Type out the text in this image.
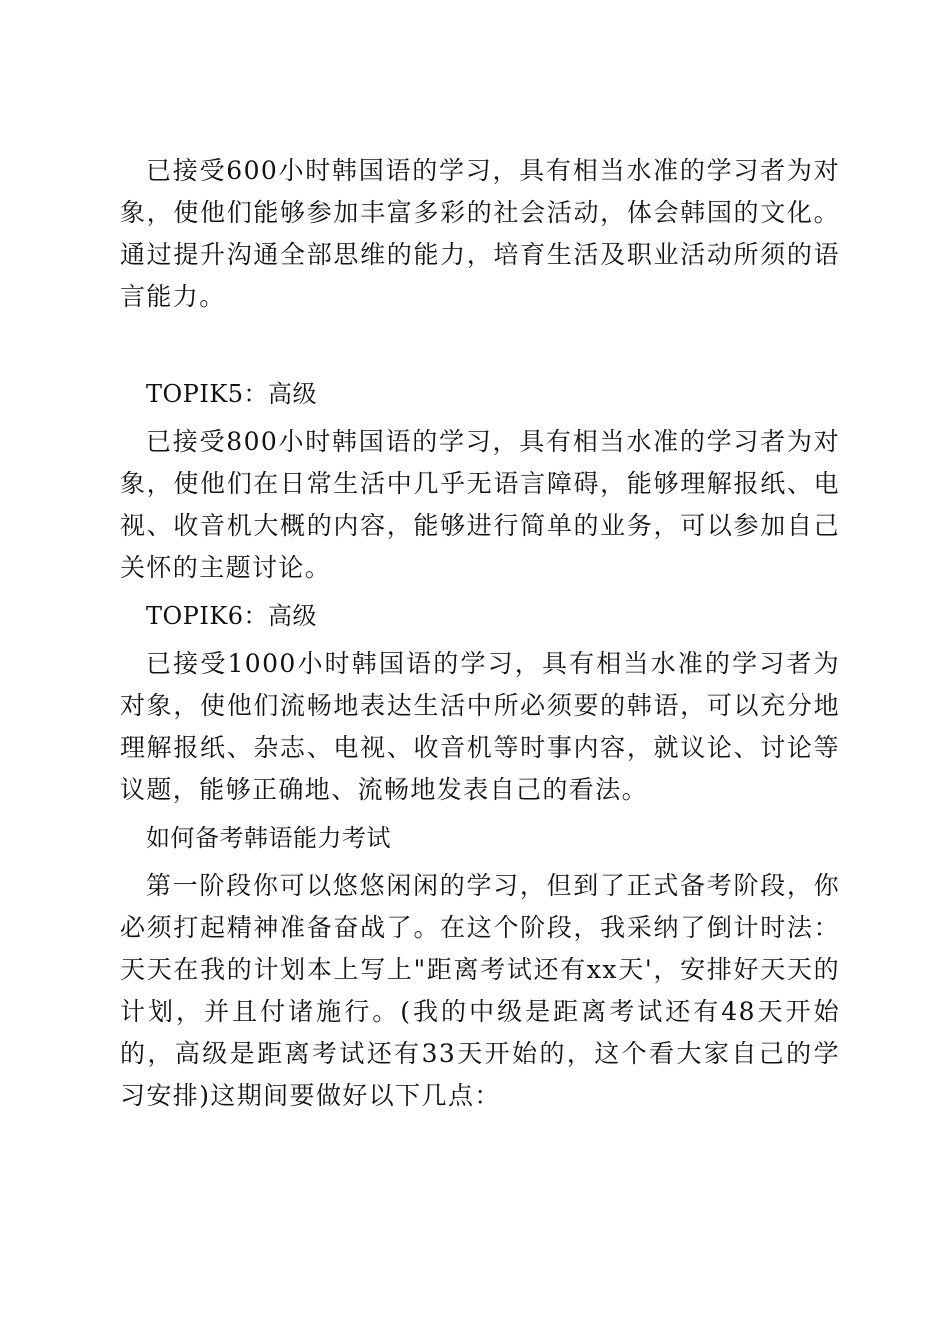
已接受600小时韩国语的学习，具有相当水准的学习者为对象，使他们能够参加丰富多彩的社会活动，体会韩国的文化。通过提升沟通全部思维的能力，培育生活及职业活动所须的语言能力。

TOPIK5：高级

已接受800小时韩国语的学习，具有相当水准的学习者为对象，使他们在日常生活中几乎无语言障碍，能够理解报纸、电视、收音机大概的内容，能够进行简单的业务，可以参加自己关怀的主题讨论。

TOPIK6：高级

已接受1000小时韩国语的学习，具有相当水准的学习者为对象，使他们流畅地表达生活中所必须要的韩语，可以充分地理解报纸、杂志、电视、收音机等时事内容，就议论、讨论等议题，能够正确地、流畅地发表自己的看法。

如何备考韩语能力考试

第一阶段你可以悠悠闲闲的学习，但到了正式备考阶段，你必须打起精神准备奋战了。在这个阶段，我采纳了倒计时法：天天在我的计划本上写上"距离考试还有xx天'，安排好天天的计划，并且付诸施行。(我的中级是距离考试还有48天开始的，高级是距离考试还有33天开始的，这个看大家自己的学习安排)这期间要做好以下几点：
